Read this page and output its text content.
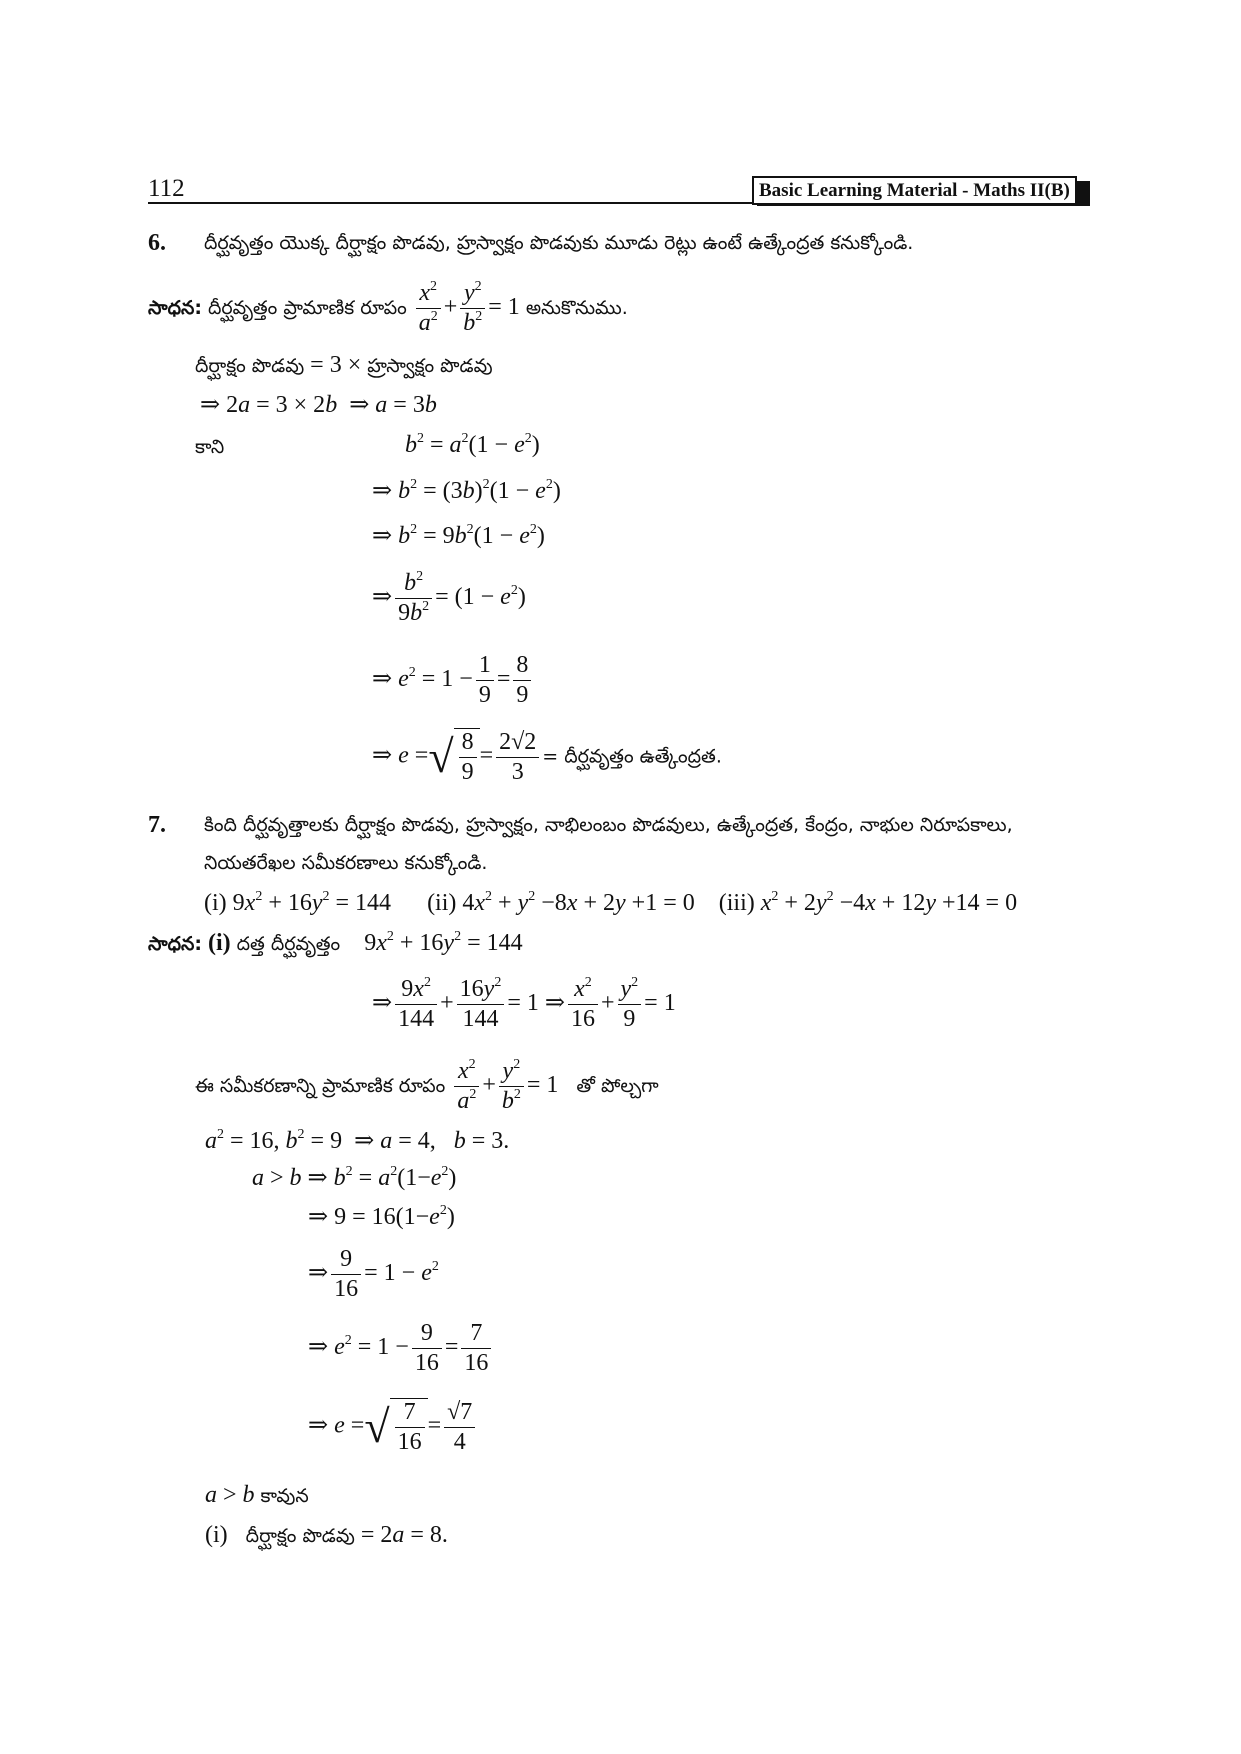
112	Basic Learning Material - Maths II(B)
6. దీర్ఘవృత్తం యొక్క దీర్ఘాక్షం పొడవు, హ్రస్వాక్షం పొడవుకు మూడు రెట్లు ఉంటే ఉత్కేంద్రత కనుక్కోండి.
సాధన: దీర్ఘవృత్తం ప్రామాణిక రూపం $\frac{x^2}{a^2} + \frac{y^2}{b^2} = 1$ అనుకొనుము.
దీర్ఘాక్షం పొడవు = 3 × హ్రస్వాక్షం పొడవు
⇒ 2a = 3 × 2b  ⇒ a = 3b
కాని	$b^2 = a^2(1 - e^2)$
⇒ $b^2 = (3b)^2(1 - e^2)$
⇒ $b^2 = 9b^2(1 - e^2)$
⇒ $\frac{b^2}{9b^2} = (1 - e^2)$
⇒ $e^2 = 1 - \frac{1}{9} = \frac{8}{9}$
⇒ e =√ $\frac{8}{9} = \frac{2√2}{3}$ = దీర్ఘవృత్తం ఉత్కేంద్రత.
7. కింది దీర్ఘవృత్తాలకు దీర్ఘాక్షం పొడవు, హ్రస్వాక్షం, నాభిలంబం పొడవులు, ఉత్కేంద్రత, కేంద్రం, నాభుల నిరూపకాలు,
నియతరేఖల సమీకరణాలు కనుక్కోండి.
(i) $9x^2 + 16y^2 = 144$      (ii) $4x^2 + y^2 -8x + 2y +1 = 0$    (iii) $x^2 + 2y^2 -4x + 12y +14 = 0$
సాధన: (i) దత్త దీర్ఘవృత్తం    $9x^2 + 16y^2 = 144$
⇒ $\frac{9x^2}{144} + \frac{16y^2}{144} = 1$ ⇒ $\frac{x^2}{16} + \frac{y^2}{9} = 1$
ఈ సమీకరణాన్ని ప్రామాణిక రూపం $\frac{x^2}{a^2} + \frac{y^2}{b^2} = 1$   తో పోల్చగా
$a^2 = 16$, $b^2 = 9$  ⇒ a = 4,   b = 3.
a > b ⇒ $b^2 = a^2(1-e^2)$
⇒ $9 = 16(1-e^2)$
⇒ $\frac{9}{16} = 1 - e^2$
⇒ $e^2 = 1 - \frac{9}{16} = \frac{7}{16}$
⇒ e =√ $\frac{7}{16} = \frac{√7}{4}$
a > b కావున
(i) దీర్ఘాక్షం పొడవు = 2a = 8.
